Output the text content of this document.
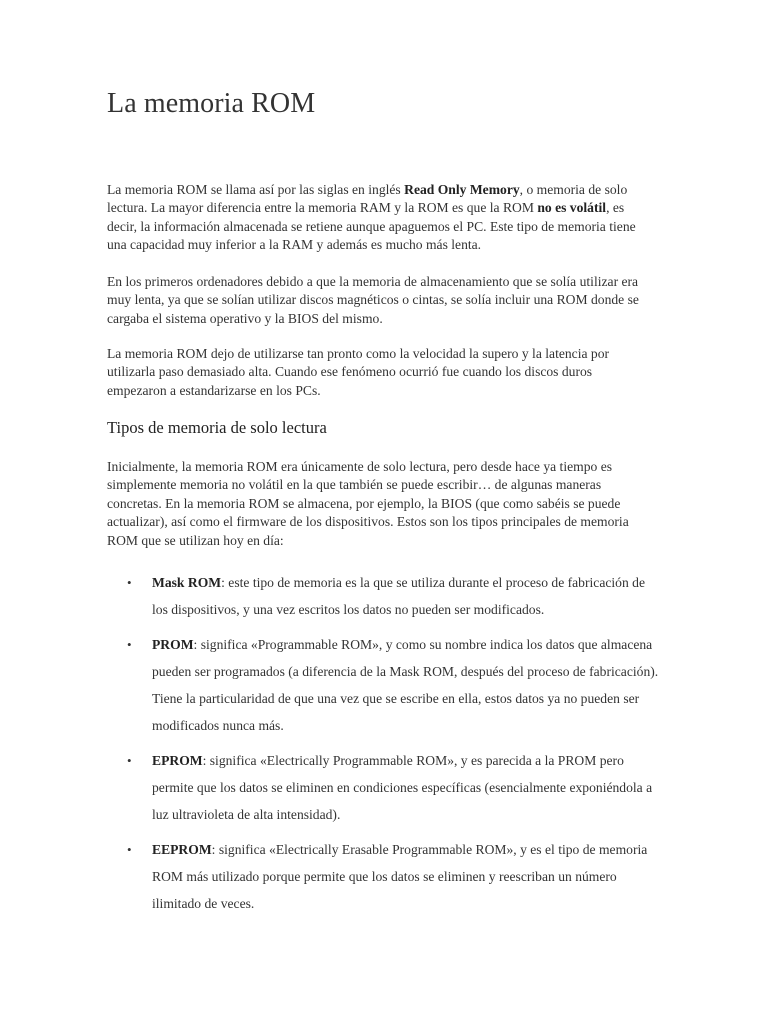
La memoria ROM

La memoria ROM se llama así por las siglas en inglés Read Only Memory, o memoria de solo lectura. La mayor diferencia entre la memoria RAM y la ROM es que la ROM no es volátil, es decir, la información almacenada se retiene aunque apaguemos el PC. Este tipo de memoria tiene una capacidad muy inferior a la RAM y además es mucho más lenta.

En los primeros ordenadores debido a que la memoria de almacenamiento que se solía utilizar era muy lenta, ya que se solían utilizar discos magnéticos o cintas, se solía incluir una ROM donde se cargaba el sistema operativo y la BIOS del mismo.

La memoria ROM dejo de utilizarse tan pronto como la velocidad la supero y la latencia por utilizarla paso demasiado alta. Cuando ese fenómeno ocurrió fue cuando los discos duros empezaron a estandarizarse en los PCs.

Tipos de memoria de solo lectura

Inicialmente, la memoria ROM era únicamente de solo lectura, pero desde hace ya tiempo es simplemente memoria no volátil en la que también se puede escribir… de algunas maneras concretas. En la memoria ROM se almacena, por ejemplo, la BIOS (que como sabéis se puede actualizar), así como el firmware de los dispositivos. Estos son los tipos principales de memoria ROM que se utilizan hoy en día:

• Mask ROM: este tipo de memoria es la que se utiliza durante el proceso de fabricación de los dispositivos, y una vez escritos los datos no pueden ser modificados.
• PROM: significa «Programmable ROM», y como su nombre indica los datos que almacena pueden ser programados (a diferencia de la Mask ROM, después del proceso de fabricación). Tiene la particularidad de que una vez que se escribe en ella, estos datos ya no pueden ser modificados nunca más.
• EPROM: significa «Electrically Programmable ROM», y es parecida a la PROM pero permite que los datos se eliminen en condiciones específicas (esencialmente exponiéndola a luz ultravioleta de alta intensidad).
• EEPROM: significa «Electrically Erasable Programmable ROM», y es el tipo de memoria ROM más utilizado porque permite que los datos se eliminen y reescriban un número ilimitado de veces.
